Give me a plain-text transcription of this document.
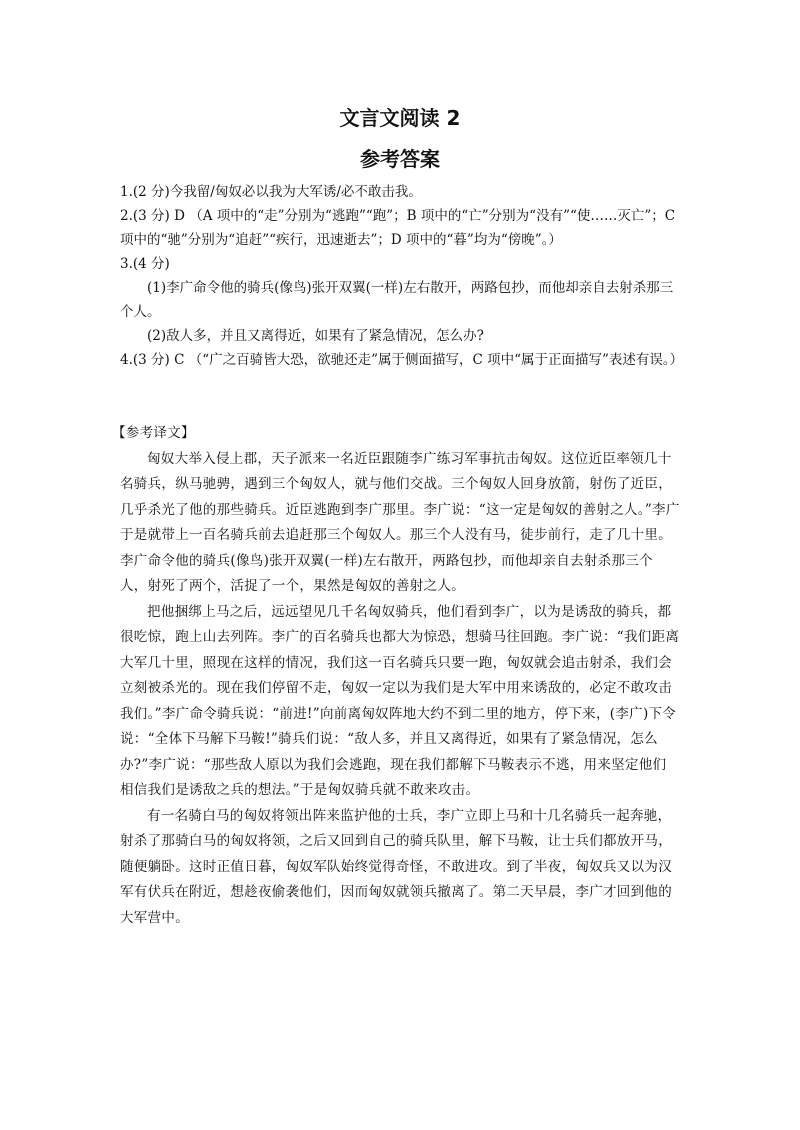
文言文阅读 2
参考答案

1.(2 分)今我留/匈奴必以我为大军诱/必不敢击我。

2.(3 分) D （A 项中的“走”分别为“逃跑”“跑”；B 项中的“亡”分别为“没有”“使……灭亡”；C 项中的“驰”分别为“追赶”“疾行，迅速逝去”；D 项中的“暮”均为“傍晚”。）

3.(4 分)

(1)李广命令他的骑兵(像鸟)张开双翼(一样)左右散开，两路包抄，而他却亲自去射杀那三个人。

(2)敌人多，并且又离得近，如果有了紧急情况，怎么办?

4.(3 分) C （“广之百骑皆大恐，欲驰还走”属于侧面描写，C 项中“属于正面描写”表述有误。）

【参考译文】

匈奴大举入侵上郡，天子派来一名近臣跟随李广练习军事抗击匈奴。这位近臣率领几十名骑兵，纵马驰骋，遇到三个匈奴人，就与他们交战。三个匈奴人回身放箭，射伤了近臣，几乎杀光了他的那些骑兵。近臣逃跑到李广那里。李广说：“这一定是匈奴的善射之人。”李广于是就带上一百名骑兵前去追赶那三个匈奴人。那三个人没有马，徒步前行，走了几十里。李广命令他的骑兵(像鸟)张开双翼(一样)左右散开，两路包抄，而他却亲自去射杀那三个人，射死了两个，活捉了一个，果然是匈奴的善射之人。

把他捆绑上马之后，远远望见几千名匈奴骑兵，他们看到李广，以为是诱敌的骑兵，都很吃惊，跑上山去列阵。李广的百名骑兵也都大为惊恐，想骑马往回跑。李广说：“我们距离大军几十里，照现在这样的情况，我们这一百名骑兵只要一跑，匈奴就会追击射杀，我们会立刻被杀光的。现在我们停留不走，匈奴一定以为我们是大军中用来诱敌的，必定不敢攻击我们。”李广命令骑兵说：“前进!”向前离匈奴阵地大约不到二里的地方，停下来，(李广)下令说：“全体下马解下马鞍!”骑兵们说：“敌人多，并且又离得近，如果有了紧急情况，怎么办?”李广说：“那些敌人原以为我们会逃跑，现在我们都解下马鞍表示不逃，用来坚定他们相信我们是诱敌之兵的想法。”于是匈奴骑兵就不敢来攻击。

有一名骑白马的匈奴将领出阵来监护他的士兵，李广立即上马和十几名骑兵一起奔驰，射杀了那骑白马的匈奴将领，之后又回到自己的骑兵队里，解下马鞍，让士兵们都放开马，随便躺卧。这时正值日暮，匈奴军队始终觉得奇怪，不敢进攻。到了半夜，匈奴兵又以为汉军有伏兵在附近，想趁夜偷袭他们，因而匈奴就领兵撤离了。第二天早晨，李广才回到他的大军营中。
